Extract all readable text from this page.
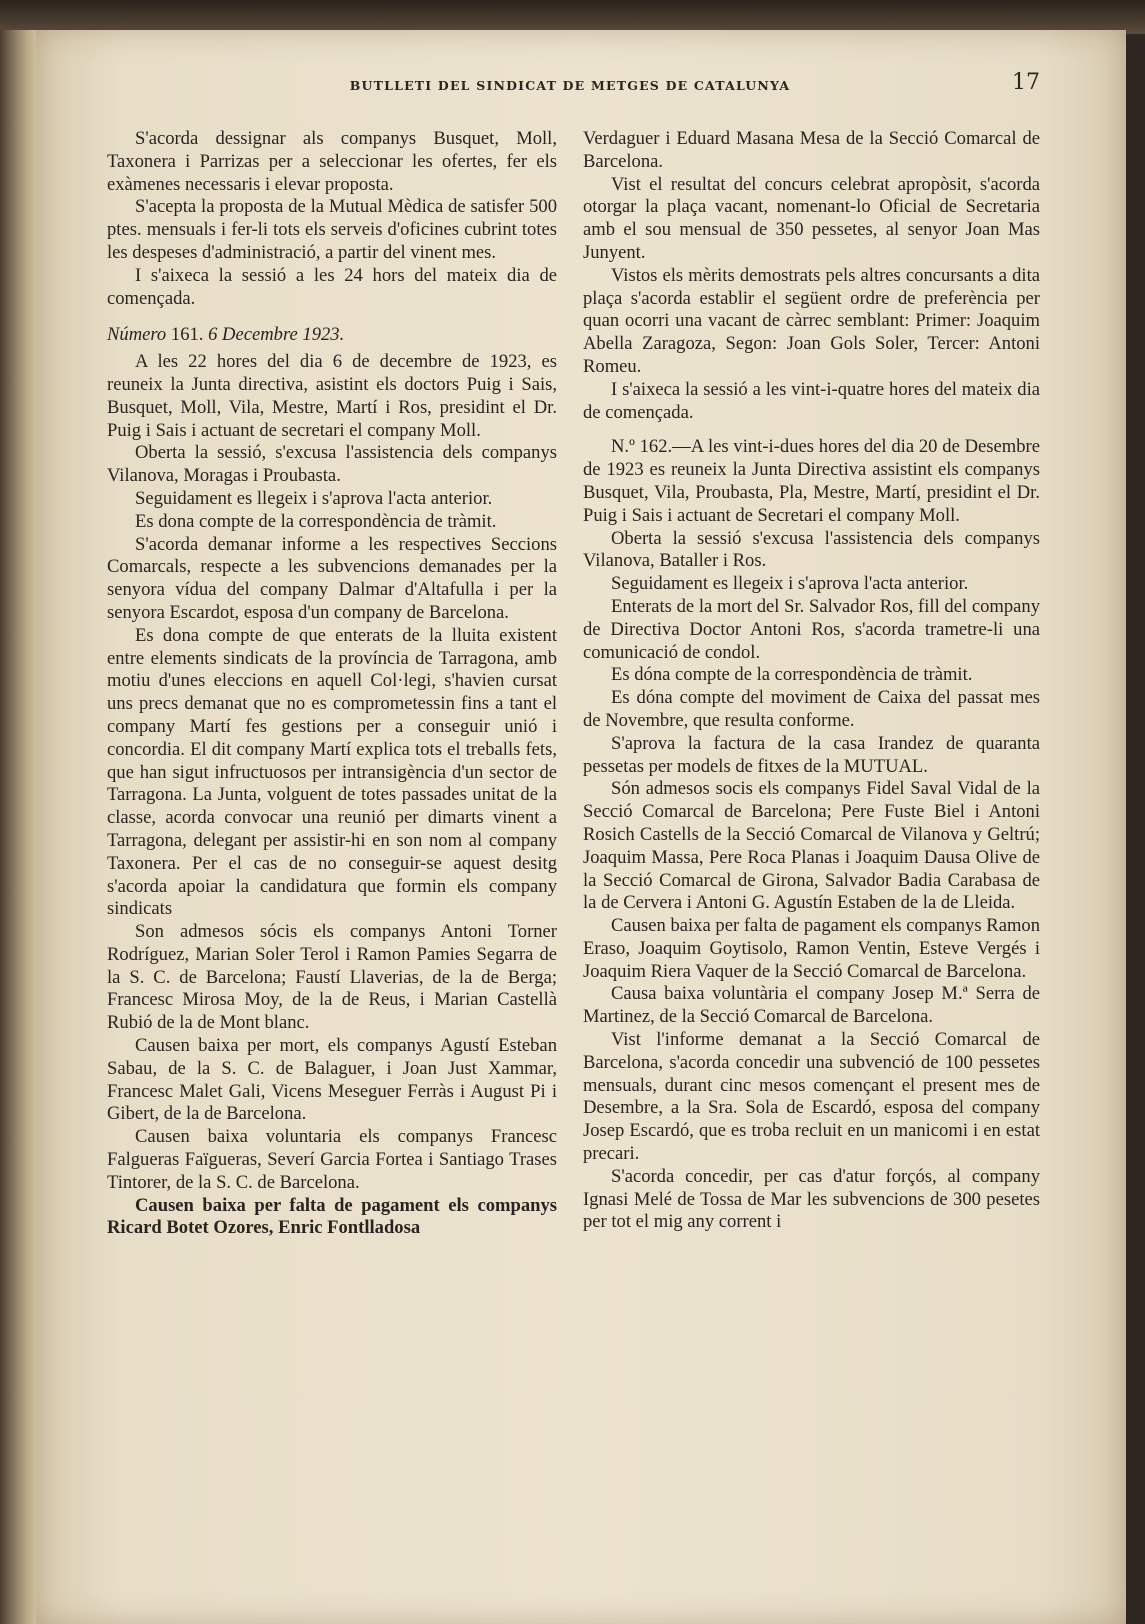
BUTLLETI DEL SINDICAT DE METGES DE CATALUNYA	17

S'acorda dessignar als companys Busquet, Moll, Taxonera i Parrizas per a seleccionar les ofertes, fer els exàmenes necessaris i elevar proposta.

S'acepta la proposta de la Mutual Mèdica de satisfer 500 ptes. mensuals i fer-li tots els serveis d'oficines cubrint totes les despeses d'administració, a partir del vinent mes.

I s'aixeca la sessió a les 24 hors del mateix dia de començada.

Número 161. 6 Decembre 1923.

A les 22 hores del dia 6 de decembre de 1923, es reuneix la Junta directiva, asistint els doctors Puig i Sais, Busquet, Moll, Vila, Mestre, Martí i Ros, presidint el Dr. Puig i Sais i actuant de secretari el company Moll.

Oberta la sessió, s'excusa l'assistencia dels companys Vilanova, Moragas i Proubasta.

Seguidament es llegeix i s'aprova l'acta anterior.

Es dona compte de la correspondència de tràmit.

S'acorda demanar informe a les respectives Seccions Comarcals, respecte a les subvencions demanades per la senyora vídua del company Dalmar d'Altafulla i per la senyora Escardot, esposa d'un company de Barcelona.

Es dona compte de que enterats de la lluita existent entre elements sindicats de la província de Tarragona, amb motiu d'unes eleccions en aquell Col·legi, s'havien cursat uns precs demanat que no es comprometessin fins a tant el company Martí fes gestions per a conseguir unió i concordia. El dit company Martí explica tots el treballs fets, que han sigut infructuosos per intransigència d'un sector de Tarragona. La Junta, volguent de totes passades unitat de la classe, acorda convocar una reunió per dimarts vinent a Tarragona, delegant per assistir-hi en son nom al company Taxonera. Per el cas de no conseguir-se aquest desitg s'acorda apoiar la candidatura que formin els company sindicats

Son admesos sócis els companys Antoni Torner Rodríguez, Marian Soler Terol i Ramon Pamies Segarra de la S. C. de Barcelona; Faustí Llaverias, de la de Berga; Francesc Mirosa Moy, de la de Reus, i Marian Castellà Rubió de la de Mont blanc.

Causen baixa per mort, els companys Agustí Esteban Sabau, de la S. C. de Balaguer, i Joan Just Xammar, Francesc Malet Gali, Vicens Meseguer Ferràs i August Pi i Gibert, de la de Barcelona.

Causen baixa voluntaria els companys Francesc Falgueras Faïgueras, Severí Garcia Fortea i Santiago Trases Tintorer, de la S. C. de Barcelona.

Causen baixa per falta de pagament els companys Ricard Botet Ozores, Enric Fontlladosa

Verdaguer i Eduard Masana Mesa de la Secció Comarcal de Barcelona.

Vist el resultat del concurs celebrat apropòsit, s'acorda otorgar la plaça vacant, nomenant-lo Oficial de Secretaria amb el sou mensual de 350 pessetes, al senyor Joan Mas Junyent.

Vistos els mèrits demostrats pels altres concursants a dita plaça s'acorda establir el següent ordre de preferència per quan ocorri una vacant de càrrec semblant: Primer: Joaquim Abella Zaragoza, Segon: Joan Gols Soler, Tercer: Antoni Romeu.

I s'aixeca la sessió a les vint-i-quatre hores del mateix dia de començada.

N.º 162.—A les vint-i-dues hores del dia 20 de Desembre de 1923 es reuneix la Junta Directiva assistint els companys Busquet, Vila, Proubasta, Pla, Mestre, Martí, presidint el Dr. Puig i Sais i actuant de Secretari el company Moll.

Oberta la sessió s'excusa l'assistencia dels companys Vilanova, Bataller i Ros.

Seguidament es llegeix i s'aprova l'acta anterior.

Enterats de la mort del Sr. Salvador Ros, fill del company de Directiva Doctor Antoni Ros, s'acorda trametre-li una comunicació de condol.

Es dóna compte de la correspondència de tràmit.

Es dóna compte del moviment de Caixa del passat mes de Novembre, que resulta conforme.

S'aprova la factura de la casa Irandez de quaranta pessetas per models de fitxes de la MUTUAL.

Són admesos socis els companys Fidel Saval Vidal de la Secció Comarcal de Barcelona; Pere Fuste Biel i Antoni Rosich Castells de la Secció Comarcal de Vilanova y Geltrú; Joaquim Massa, Pere Roca Planas i Joaquim Dausa Olive de la Secció Comarcal de Girona, Salvador Badia Carabasa de la de Cervera i Antoni G. Agustín Estaben de la de Lleida.

Causen baixa per falta de pagament els companys Ramon Eraso, Joaquim Goytisolo, Ramon Ventin, Esteve Vergés i Joaquim Riera Vaquer de la Secció Comarcal de Barcelona.

Causa baixa voluntària el company Josep M.ª Serra de Martinez, de la Secció Comarcal de Barcelona.

Vist l'informe demanat a la Secció Comarcal de Barcelona, s'acorda concedir una subvenció de 100 pessetes mensuals, durant cinc mesos començant el present mes de Desembre, a la Sra. Sola de Escardó, esposa del company Josep Escardó, que es troba recluit en un manicomi i en estat precari.

S'acorda concedir, per cas d'atur forçós, al company Ignasi Melé de Tossa de Mar les subvencions de 300 pesetes per tot el mig any corrent i
